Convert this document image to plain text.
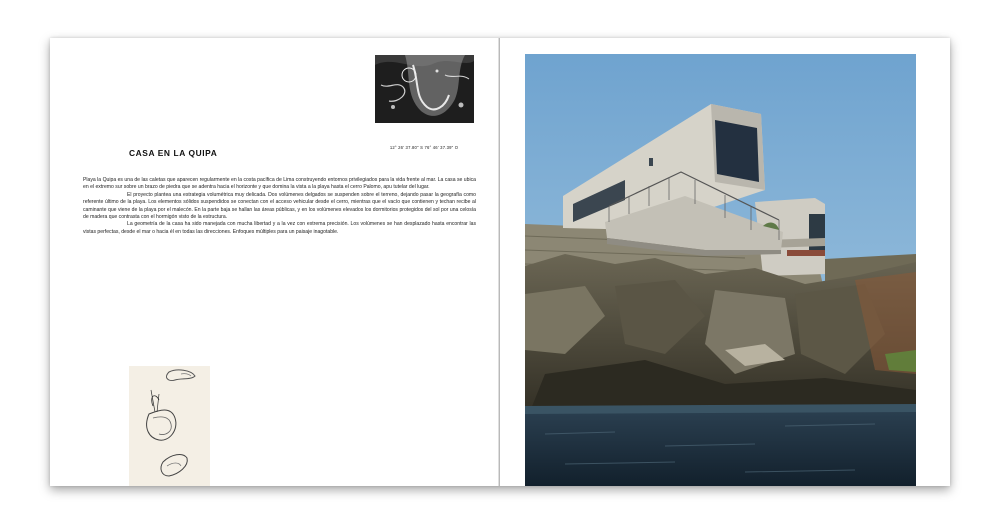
12° 26' 37.80" S 76° 46' 37.39" O
CASA EN LA QUIPA

Playa la Quipa es una de las caletas que aparecen regularmente en la costa pacífica de Lima construyendo entornos privilegiados para la vida frente al mar. La casa se ubica en el extremo sur sobre un brazo de piedra que se adentra hacia el horizonte y que domina la vista a la playa hasta el cerro Palomo, apu tutelar del lugar.

El proyecto plantea una estrategia volumétrica muy delicada. Dos volúmenes delgados se suspenden sobre el terreno, dejando pasar la geografía como referente último de la playa. Los elementos sólidos suspendidos se conectan con el acceso vehicular desde el cerro, mientras que el vacío que contienen y techan recibe al caminante que viene de la playa por el malecón. En la parte baja se hallan las áreas públicas, y en los volúmenes elevados los dormitorios protegidos del sol por una celosía de madera que contrasta con el hormigón visto de la estructura.

La geometría de la casa ha sido manejada con mucha libertad y a la vez con extrema precisión. Los volúmenes se han desplazado hasta encontrar las vistas perfectas, desde el mar o hacia él en todas las direcciones. Enfoques múltiples para un paisaje inagotable.
